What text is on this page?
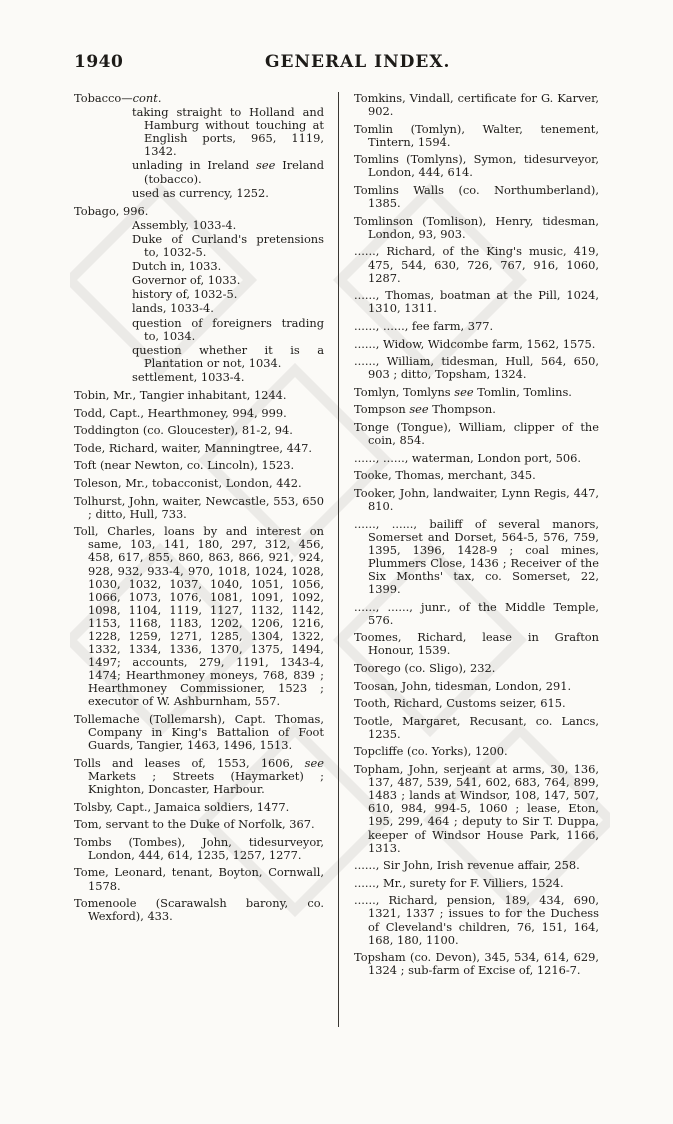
1940	GENERAL INDEX.
Tobacco—cont.
taking straight to Holland and Hamburg without touching at English ports, 965, 1119, 1342.
unlading in Ireland see Ireland (tobacco).
used as currency, 1252.
Tobago, 996.
Assembly, 1033-4.
Duke of Curland's pretensions to, 1032-5.
Dutch in, 1033.
Governor of, 1033.
history of, 1032-5.
lands, 1033-4.
question of foreigners trading to, 1034.
question whether it is a Plantation or not, 1034.
settlement, 1033-4.
Tobin, Mr., Tangier inhabitant, 1244.
Todd, Capt., Hearthmoney, 994, 999.
Toddington (co. Gloucester), 81-2, 94.
Tode, Richard, waiter, Manningtree, 447.
Toft (near Newton, co. Lincoln), 1523.
Toleson, Mr., tobacconist, London, 442.
Tolhurst, John, waiter, Newcastle, 553, 650 ; ditto, Hull, 733.
Toll, Charles, loans by and interest on same, 103, 141, 180, 297, 312, 456, 458, 617, 855, 860, 863, 866, 921, 924, 928, 932, 933-4, 970, 1018, 1024, 1028, 1030, 1032, 1037, 1040, 1051, 1056, 1066, 1073, 1076, 1081, 1091, 1092, 1098, 1104, 1119, 1127, 1132, 1142, 1153, 1168, 1183, 1202, 1206, 1216, 1228, 1259, 1271, 1285, 1304, 1322, 1332, 1334, 1336, 1370, 1375, 1494, 1497; accounts, 279, 1191, 1343-4, 1474; Hearthmoney moneys, 768, 839 ; Hearthmoney Commissioner, 1523 ; executor of W. Ashburnham, 557.
Tollemache (Tollemarsh), Capt. Thomas, Company in King's Battalion of Foot Guards, Tangier, 1463, 1496, 1513.
Tolls and leases of, 1553, 1606, see Markets ; Streets (Haymarket) ; Knighton, Doncaster, Harbour.
Tolsby, Capt., Jamaica soldiers, 1477.
Tom, servant to the Duke of Norfolk, 367.
Tombs (Tombes), John, tidesurveyor, London, 444, 614, 1235, 1257, 1277.
Tome, Leonard, tenant, Boyton, Cornwall, 1578.
Tomenoole (Scarawalsh barony, co. Wexford), 433.
Tomkins, Vindall, certificate for G. Karver, 902.
Tomlin (Tomlyn), Walter, tenement, Tintern, 1594.
Tomlins (Tomlyns), Symon, tidesurveyor, London, 444, 614.
Tomlins Walls (co. Northumberland), 1385.
Tomlinson (Tomlison), Henry, tidesman, London, 93, 903.
......, Richard, of the King's music, 419, 475, 544, 630, 726, 767, 916, 1060, 1287.
......, Thomas, boatman at the Pill, 1024, 1310, 1311.
......, ......, fee farm, 377.
......, Widow, Widcombe farm, 1562, 1575.
......, William, tidesman, Hull, 564, 650, 903 ; ditto, Topsham, 1324.
Tomlyn, Tomlyns see Tomlin, Tomlins.
Tompson see Thompson.
Tonge (Tongue), William, clipper of the coin, 854.
......, ......, waterman, London port, 506.
Tooke, Thomas, merchant, 345.
Tooker, John, landwaiter, Lynn Regis, 447, 810.
......, ......, bailiff of several manors, Somerset and Dorset, 564-5, 576, 759, 1395, 1396, 1428-9 ; coal mines, Plummers Close, 1436 ; Receiver of the Six Months' tax, co. Somerset, 22, 1399.
......, ......, junr., of the Middle Temple, 576.
Toomes, Richard, lease in Grafton Honour, 1539.
Toorego (co. Sligo), 232.
Toosan, John, tidesman, London, 291.
Tooth, Richard, Customs seizer, 615.
Tootle, Margaret, Recusant, co. Lancs, 1235.
Topcliffe (co. Yorks), 1200.
Topham, John, serjeant at arms, 30, 136, 137, 487, 539, 541, 602, 683, 764, 899, 1483 ; lands at Windsor, 108, 147, 507, 610, 984, 994-5, 1060 ; lease, Eton, 195, 299, 464 ; deputy to Sir T. Duppa, keeper of Windsor House Park, 1166, 1313.
......, Sir John, Irish revenue affair, 258.
......, Mr., surety for F. Villiers, 1524.
......, Richard, pension, 189, 434, 690, 1321, 1337 ; issues to for the Duchess of Cleveland's children, 76, 151, 164, 168, 180, 1100.
Topsham (co. Devon), 345, 534, 614, 629, 1324 ; sub-farm of Excise of, 1216-7.
